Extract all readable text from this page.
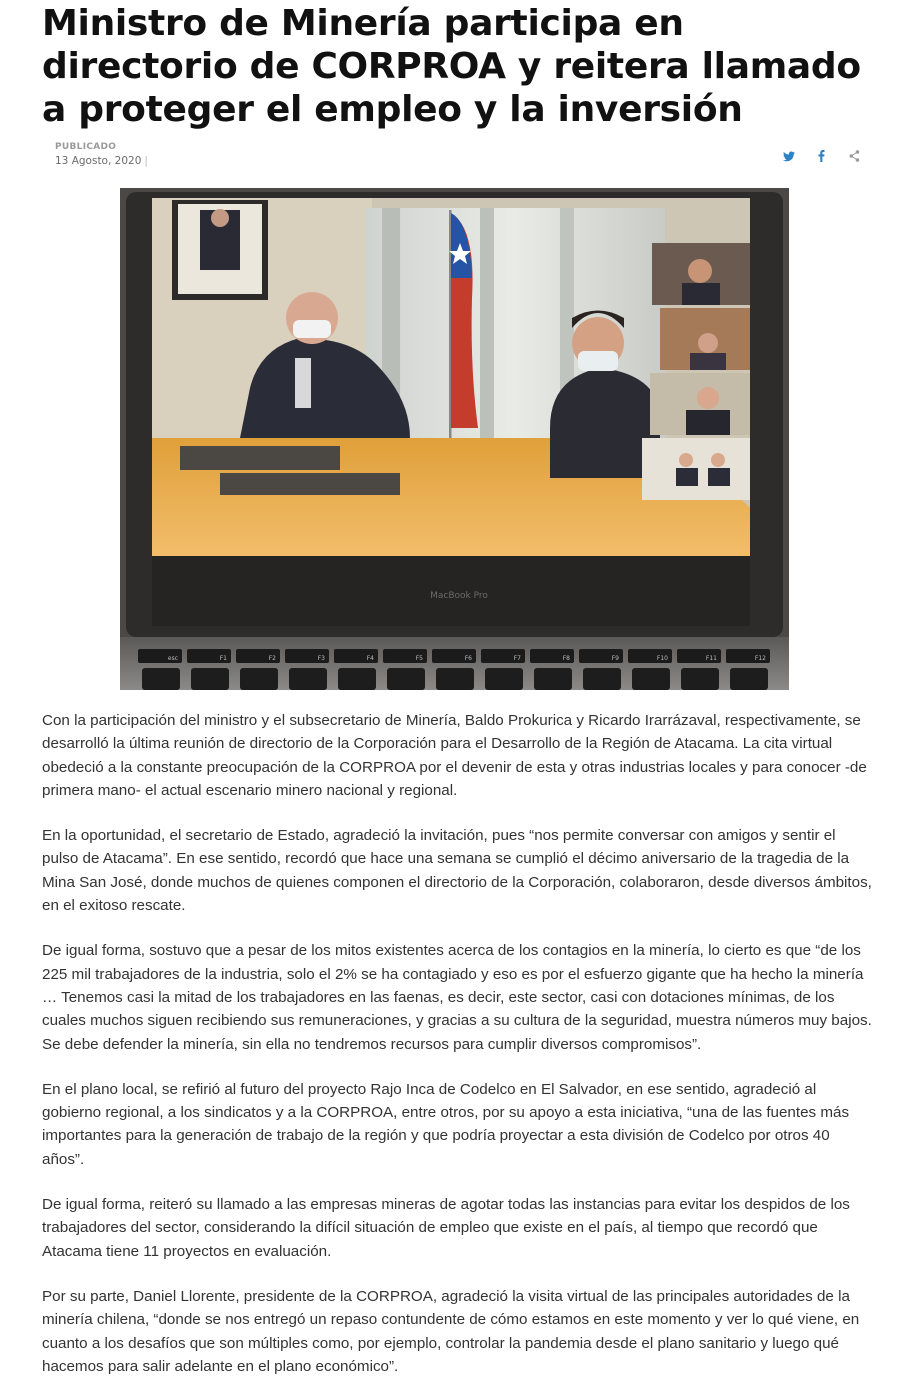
Ministro de Minería participa en directorio de CORPROA y reitera llamado a proteger el empleo y la inversión
PUBLICADO
13 Agosto, 2020 |
MacBook Pro
esc	F1	F2	F3	F4	F5	F6	F7	F8	F9	F10	F11	F12

Con la participación del ministro y el subsecretario de Minería, Baldo Prokurica y Ricardo Irarrázaval, respectivamente, se desarrolló la última reunión de directorio de la Corporación para el Desarrollo de la Región de Atacama. La cita virtual obedeció a la constante preocupación de la CORPROA por el devenir de esta y otras industrias locales y para conocer -de primera mano- el actual escenario minero nacional y regional.

En la oportunidad, el secretario de Estado, agradeció la invitación, pues “nos permite conversar con amigos y sentir el pulso de Atacama”. En ese sentido, recordó que hace una semana se cumplió el décimo aniversario de la tragedia de la Mina San José, donde muchos de quienes componen el directorio de la Corporación, colaboraron, desde diversos ámbitos, en el exitoso rescate.

De igual forma, sostuvo que a pesar de los mitos existentes acerca de los contagios en la minería, lo cierto es que “de los 225 mil trabajadores de la industria, solo el 2% se ha contagiado y eso es por el esfuerzo gigante que ha hecho la minería … Tenemos casi la mitad de los trabajadores en las faenas, es decir, este sector, casi con dotaciones mínimas, de los cuales muchos siguen recibiendo sus remuneraciones, y gracias a su cultura de la seguridad, muestra números muy bajos. Se debe defender la minería, sin ella no tendremos recursos para cumplir diversos compromisos”.

En el plano local, se refirió al futuro del proyecto Rajo Inca de Codelco en El Salvador, en ese sentido, agradeció al gobierno regional, a los sindicatos y a la CORPROA, entre otros, por su apoyo a esta iniciativa, “una de las fuentes más importantes para la generación de trabajo de la región y que podría proyectar a esta división de Codelco por otros 40 años”.

De igual forma, reiteró su llamado a las empresas mineras de agotar todas las instancias para evitar los despidos de los trabajadores del sector, considerando la difícil situación de empleo que existe en el país, al tiempo que recordó que Atacama tiene 11 proyectos en evaluación.

Por su parte, Daniel Llorente, presidente de la CORPROA, agradeció la visita virtual de las principales autoridades de la minería chilena, “donde se nos entregó un repaso contundente de cómo estamos en este momento y ver lo qué viene, en cuanto a los desafíos que son múltiples como, por ejemplo, controlar la pandemia desde el plano sanitario y luego qué hacemos para salir adelante en el plano económico”.
